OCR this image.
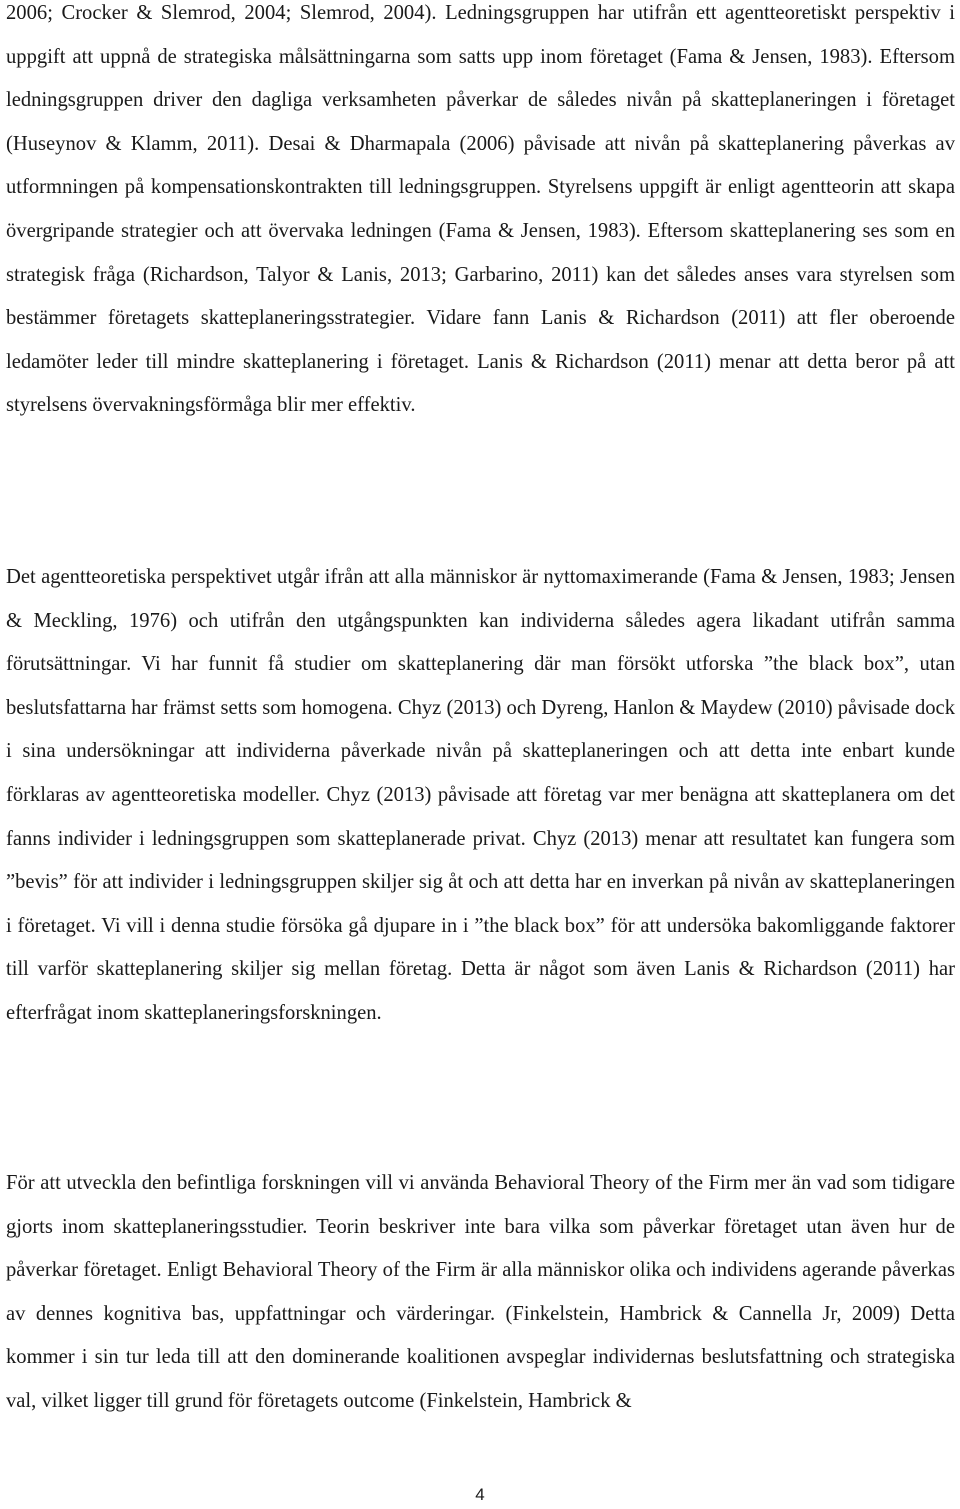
2006; Crocker & Slemrod, 2004; Slemrod, 2004). Ledningsgruppen har utifrån ett agentteoretiskt perspektiv i uppgift att uppnå de strategiska målsättningarna som satts upp inom företaget (Fama & Jensen, 1983). Eftersom ledningsgruppen driver den dagliga verksamheten påverkar de således nivån på skatteplaneringen i företaget (Huseynov & Klamm, 2011). Desai & Dharmapala (2006) påvisade att nivån på skatteplanering påverkas av utformningen på kompensationskontrakten till ledningsgruppen. Styrelsens uppgift är enligt agentteorin att skapa övergripande strategier och att övervaka ledningen (Fama & Jensen, 1983). Eftersom skatteplanering ses som en strategisk fråga (Richardson, Talyor & Lanis, 2013; Garbarino, 2011) kan det således anses vara styrelsen som bestämmer företagets skatteplaneringsstrategier. Vidare fann Lanis & Richardson (2011) att fler oberoende ledamöter leder till mindre skatteplanering i företaget. Lanis & Richardson (2011) menar att detta beror på att styrelsens övervakningsförmåga blir mer effektiv.

Det agentteoretiska perspektivet utgår ifrån att alla människor är nyttomaximerande (Fama & Jensen, 1983; Jensen & Meckling, 1976) och utifrån den utgångspunkten kan individerna således agera likadant utifrån samma förutsättningar. Vi har funnit få studier om skatteplanering där man försökt utforska ”the black box”, utan beslutsfattarna har främst setts som homogena. Chyz (2013) och Dyreng, Hanlon & Maydew (2010) påvisade dock i sina undersökningar att individerna påverkade nivån på skatteplaneringen och att detta inte enbart kunde förklaras av agentteoretiska modeller. Chyz (2013) påvisade att företag var mer benägna att skatteplanera om det fanns individer i ledningsgruppen som skatteplanerade privat. Chyz (2013) menar att resultatet kan fungera som ”bevis” för att individer i ledningsgruppen skiljer sig åt och att detta har en inverkan på nivån av skatteplaneringen i företaget. Vi vill i denna studie försöka gå djupare in i ”the black box” för att undersöka bakomliggande faktorer till varför skatteplanering skiljer sig mellan företag. Detta är något som även Lanis & Richardson (2011) har efterfrågat inom skatteplaneringsforskningen.

För att utveckla den befintliga forskningen vill vi använda Behavioral Theory of the Firm mer än vad som tidigare gjorts inom skatteplaneringsstudier. Teorin beskriver inte bara vilka som påverkar företaget utan även hur de påverkar företaget. Enligt Behavioral Theory of the Firm är alla människor olika och individens agerande påverkas av dennes kognitiva bas, uppfattningar och värderingar. (Finkelstein, Hambrick & Cannella Jr, 2009) Detta kommer i sin tur leda till att den dominerande koalitionen avspeglar individernas beslutsfattning och strategiska val, vilket ligger till grund för företagets outcome (Finkelstein, Hambrick &

4
